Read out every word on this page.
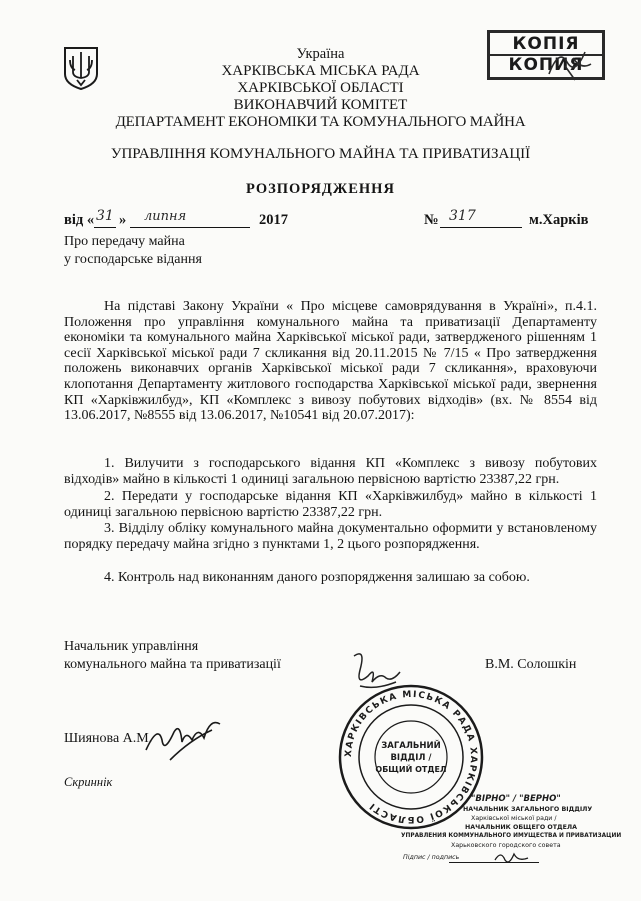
КОПІЯ
КОПИЯ
Україна
ХАРКІВСЬКА МІСЬКА РАДА
ХАРКІВСЬКОЇ ОБЛАСТІ
ВИКОНАВЧИЙ КОМІТЕТ
ДЕПАРТАМЕНТ ЕКОНОМІКИ ТА КОМУНАЛЬНОГО МАЙНА
УПРАВЛІННЯ КОМУНАЛЬНОГО МАЙНА ТА ПРИВАТИЗАЦІЇ
РОЗПОРЯДЖЕННЯ
від « 31 » липня	2017	№ 317	м.Харків
Про передачу майна
у господарське відання
На підставі Закону України « Про місцеве самоврядування в Україні», п.4.1. Положення про управління комунального майна та приватизації Департаменту економіки та комунального майна Харківської міської ради, затвердженого рішенням 1 сесії Харківської міської ради 7 скликання від 20.11.2015 № 7/15 « Про затвердження положень виконавчих органів Харківської міської ради 7 скликання», враховуючи клопотання Департаменту житлового господарства Харківської міської ради, звернення КП «Харківжилбуд», КП «Комплекс з вивозу побутових відходів» (вх. № 8554 від 13.06.2017, №8555 від 13.06.2017, №10541 від 20.07.2017):
1. Вилучити з господарського відання КП «Комплекс з вивозу побутових відходів» майно в кількості 1 одиниці загальною первісною вартістю 23387,22 грн.
2. Передати у господарське відання КП «Харківжилбуд» майно в кількості 1 одиниці загальною первісною вартістю 23387,22 грн.
3. Відділу обліку комунального майна документально оформити у встановленому порядку передачу майна згідно з пунктами 1, 2 цього розпорядження.
4. Контроль над виконанням даного розпорядження залишаю за собою.
Начальник управління
комунального майна та приватизації	В.М. Солошкін
Шиянова А.М.
Скриннік
ХАРКІВСЬКА МІСЬКА РАДА ХАРКІВСЬКОЇ ОБЛАСТІ
ЗАГАЛЬНИЙ
ВІДДІЛ /
ОБЩИЙ ОТДЕЛ
"ВІРНО" / "ВЕРНО"
НАЧАЛЬНИК ЗАГАЛЬНОГО ВІДДІЛУ
Харківської міської ради /
НАЧАЛЬНИК ОБЩЕГО ОТДЕЛА
УПРАВЛЕНИЯ КОММУНАЛЬНОГО ИМУЩЕСТВА И ПРИВАТИЗАЦИИ
Харьковского городского совета
Підпис / подпись
